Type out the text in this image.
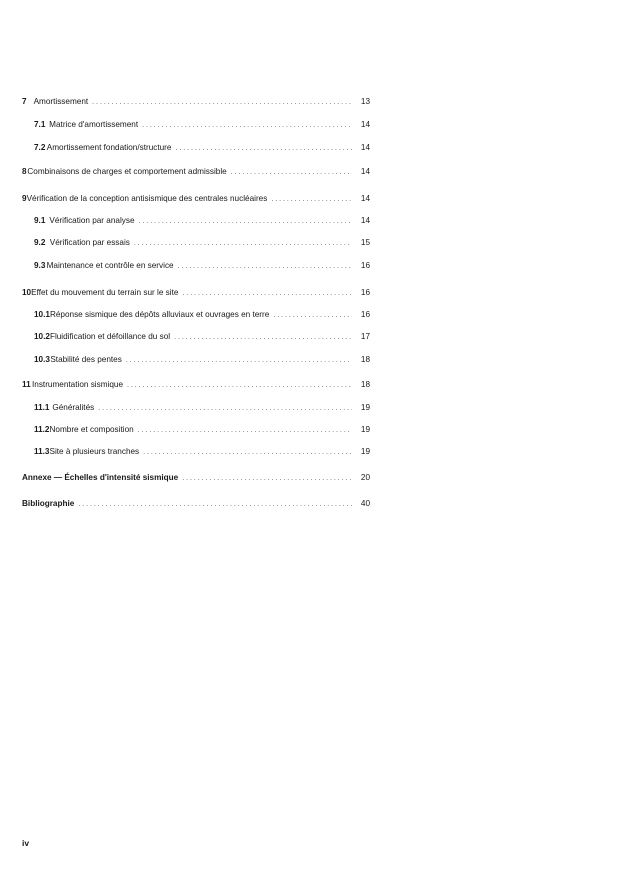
7 Amortissement . . .	13
7.1 Matrice d'amortissement . . .	14
7.2 Amortissement fondation/structure . . .	14
8 Combinaisons de charges et comportement admissible . . .	14
9 Vérification de la conception antisismique des centrales nucléaires . . .	14
9.1 Vérification par analyse . . .	14
9.2 Vérification par essais . . .	15
9.3 Maintenance et contrôle en service . . .	16
10 Effet du mouvement du terrain sur le site . . .	16
10.1 Réponse sismique des dépôts alluviaux et ouvrages en terre . . .	16
10.2 Fluidification et défoillance du sol . . .	17
10.3 Stabilité des pentes . . .	18
11 Instrumentation sismique . . .	18
11.1 Généralités . . .	19
11.2 Nombre et composition . . .	19
11.3 Site à plusieurs tranches . . .	19
Annexe — Échelles d'intensité sismique . . .	20
Bibliographie . . .	40
iv
